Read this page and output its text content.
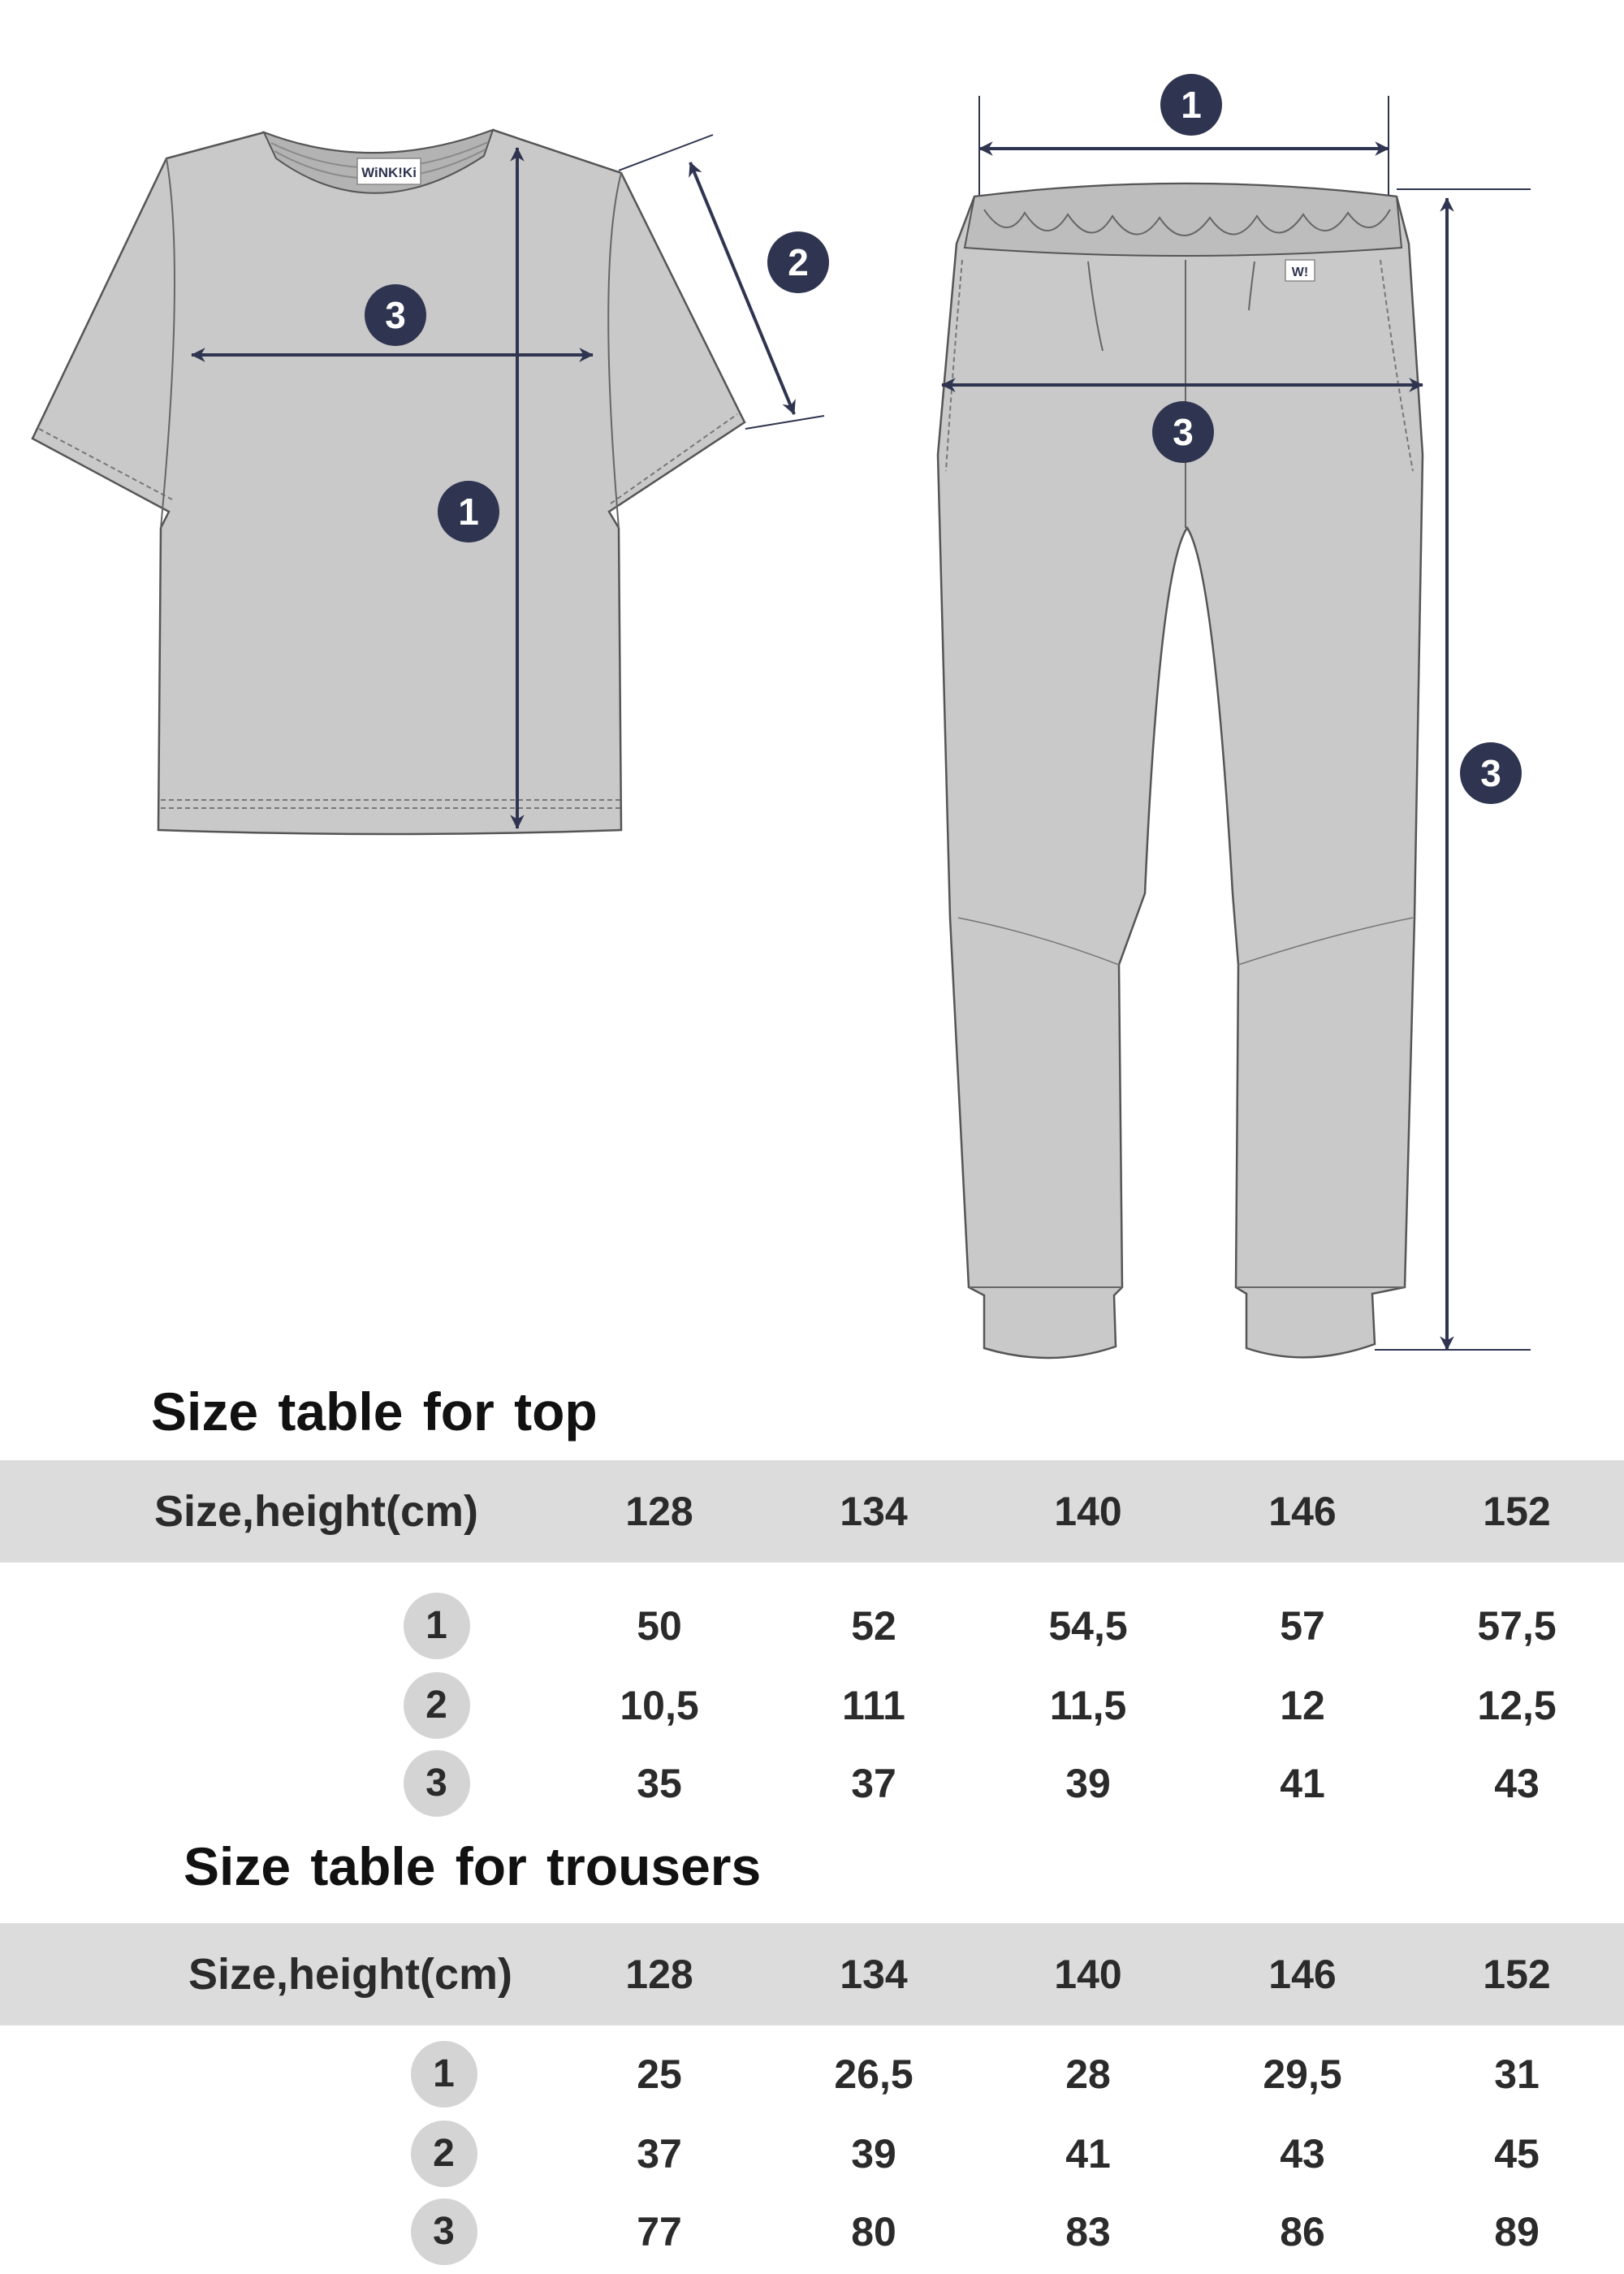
WiNK!Ki
3
2
1
W!
1
3
3
Size table for top
Size,height(cm)	128	134	140	146	152
1	50	52	54,5	57	57,5
2	10,5	111	11,5	12	12,5
3	35	37	39	41	43
Size table for trousers
Size,height(cm)	128	134	140	146	152
1	25	26,5	28	29,5	31
2	37	39	41	43	45
3	77	80	83	86	89
